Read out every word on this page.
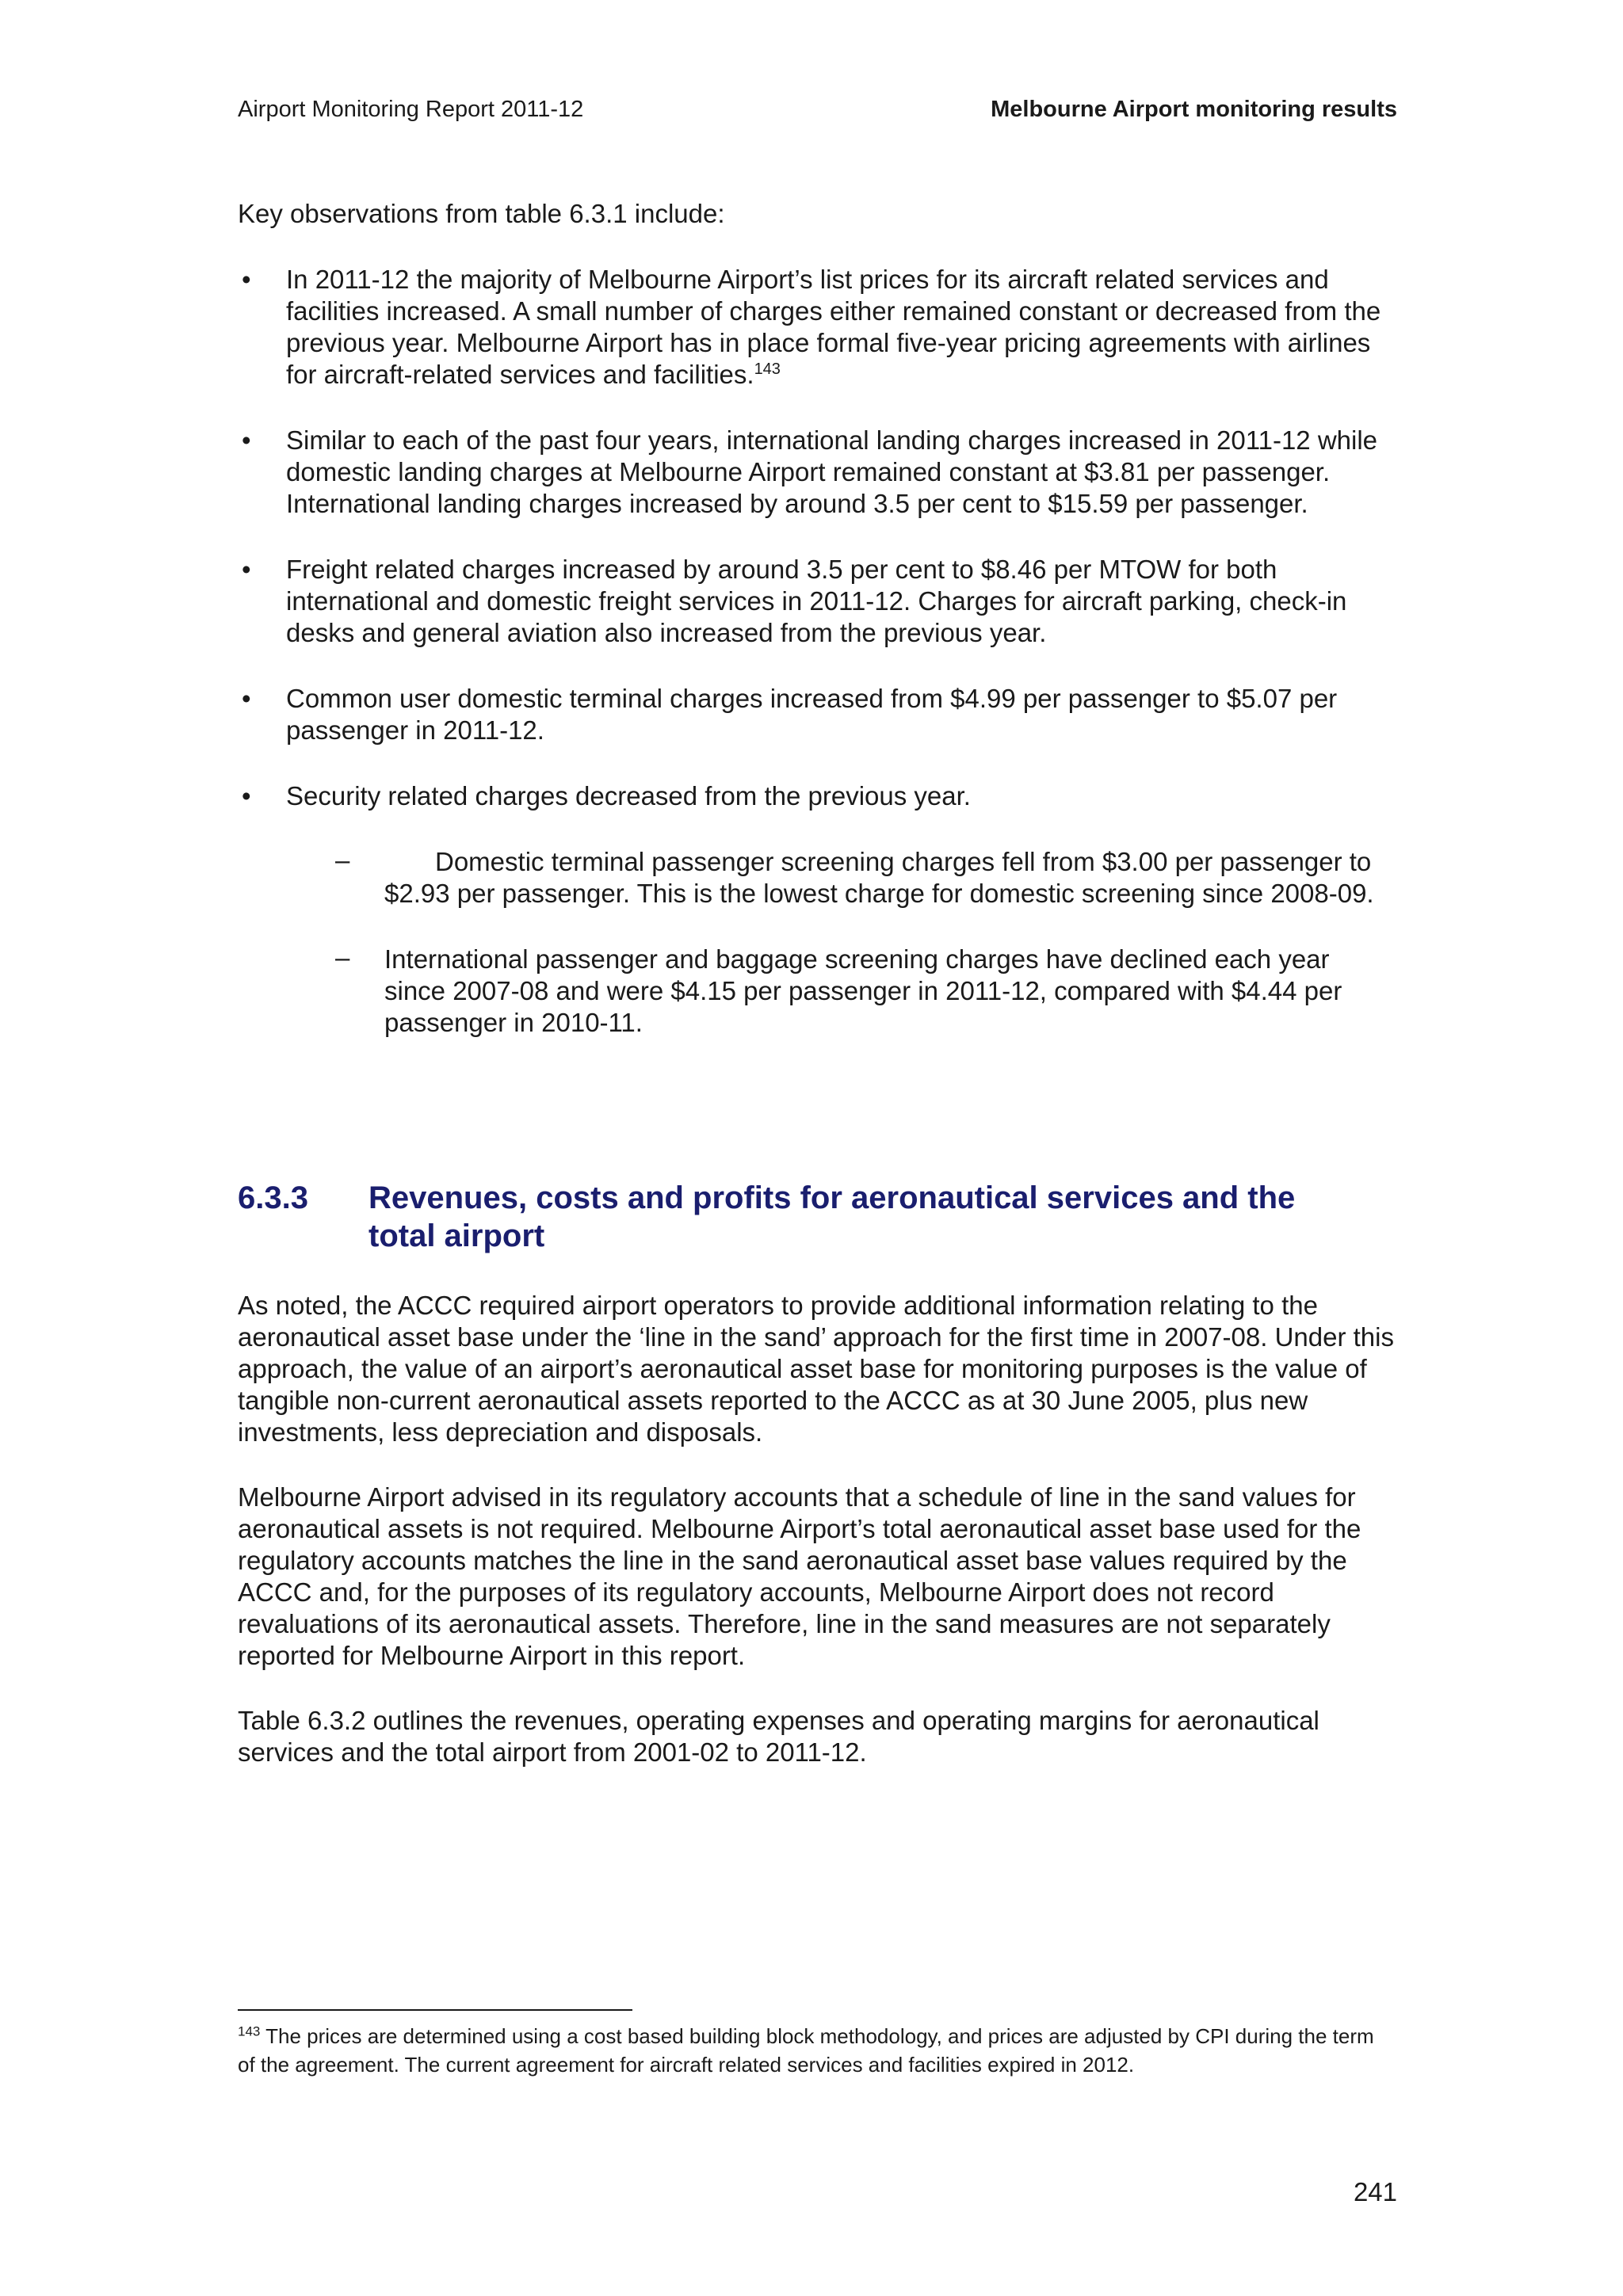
Airport Monitoring Report 2011-12	Melbourne Airport monitoring results
Key observations from table 6.3.1 include:
• In 2011-12 the majority of Melbourne Airport’s list prices for its aircraft related services and facilities increased. A small number of charges either remained constant or decreased from the previous year. Melbourne Airport has in place formal five-year pricing agreements with airlines for aircraft-related services and facilities.$^{143}$
• Similar to each of the past four years, international landing charges increased in 2011-12 while domestic landing charges at Melbourne Airport remained constant at $3.81 per passenger. International landing charges increased by around 3.5 per cent to $15.59 per passenger.
• Freight related charges increased by around 3.5 per cent to $8.46 per MTOW for both international and domestic freight services in 2011-12. Charges for aircraft parking, check-in desks and general aviation also increased from the previous year.
• Common user domestic terminal charges increased from $4.99 per passenger to $5.07 per passenger in 2011-12.
• Security related charges decreased from the previous year.
–	Domestic terminal passenger screening charges fell from $3.00 per passenger to $2.93 per passenger. This is the lowest charge for domestic screening since 2008-09.
– International passenger and baggage screening charges have declined each year since 2007-08 and were $4.15 per passenger in 2011-12, compared with $4.44 per passenger in 2010-11.
6.3.3 Revenues, costs and profits for aeronautical services and the total airport

As noted, the ACCC required airport operators to provide additional information relating to the aeronautical asset base under the ‘line in the sand’ approach for the first time in 2007-08. Under this approach, the value of an airport’s aeronautical asset base for monitoring purposes is the value of tangible non-current aeronautical assets reported to the ACCC as at 30 June 2005, plus new investments, less depreciation and disposals.

Melbourne Airport advised in its regulatory accounts that a schedule of line in the sand values for aeronautical assets is not required. Melbourne Airport’s total aeronautical asset base used for the regulatory accounts matches the line in the sand aeronautical asset base values required by the ACCC and, for the purposes of its regulatory accounts, Melbourne Airport does not record revaluations of its aeronautical assets. Therefore, line in the sand measures are not separately reported for Melbourne Airport in this report.

Table 6.3.2 outlines the revenues, operating expenses and operating margins for aeronautical services and the total airport from 2001-02 to 2011-12.

$^{143}$ The prices are determined using a cost based building block methodology, and prices are adjusted by CPI during the term of the agreement. The current agreement for aircraft related services and facilities expired in 2012.
241
